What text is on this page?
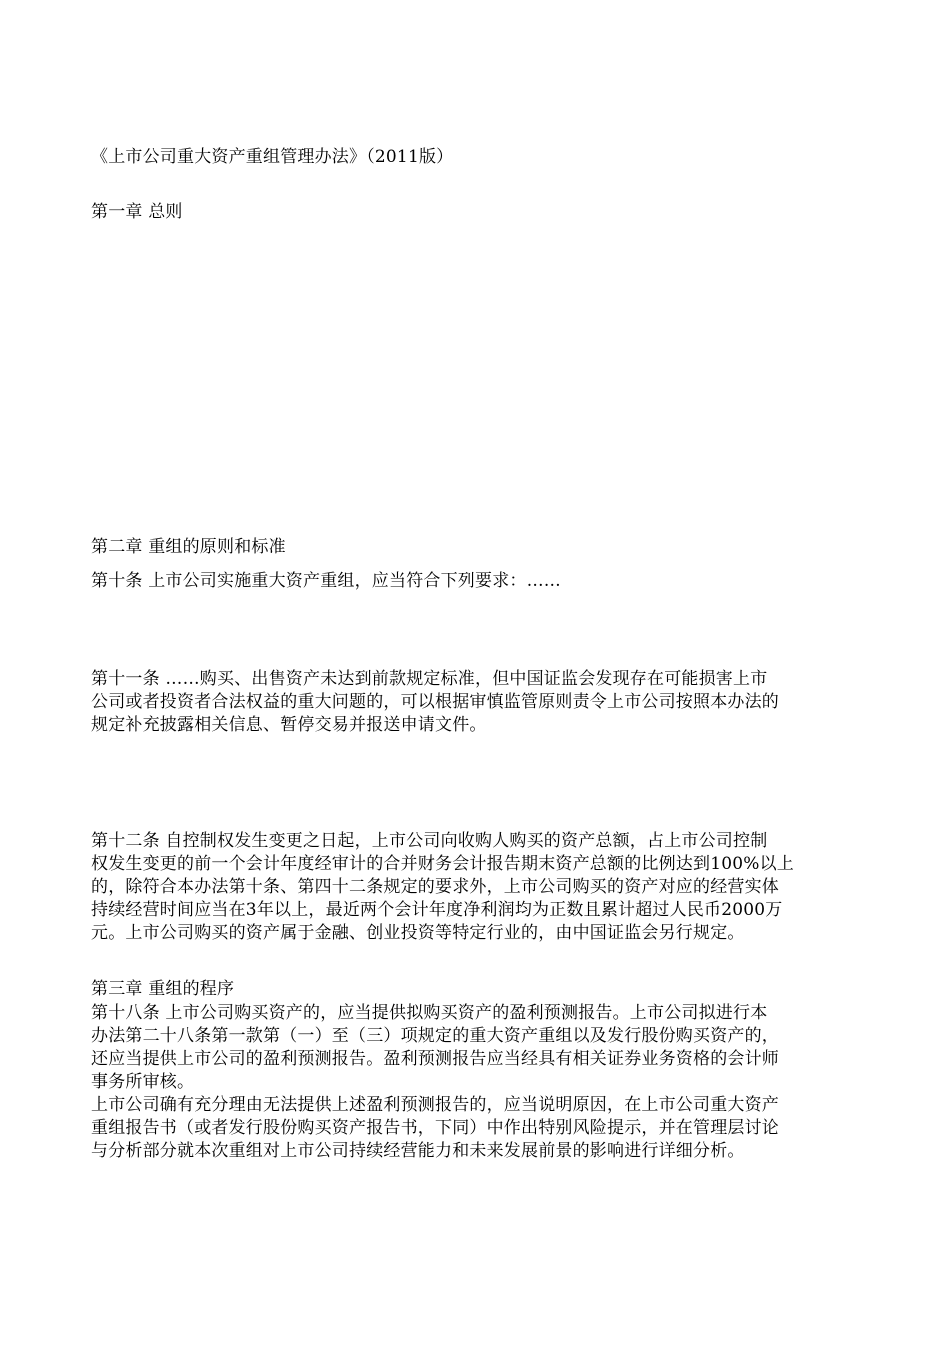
《上市公司重大资产重组管理办法》（2011版）
第一章 总则
第二章 重组的原则和标准
第十条 上市公司实施重大资产重组，应当符合下列要求：……
第十一条 ……购买、出售资产未达到前款规定标准，但中国证监会发现存在可能损害上市
公司或者投资者合法权益的重大问题的，可以根据审慎监管原则责令上市公司按照本办法的
规定补充披露相关信息、暂停交易并报送申请文件。
第十二条 自控制权发生变更之日起，上市公司向收购人购买的资产总额，占上市公司控制
权发生变更的前一个会计年度经审计的合并财务会计报告期末资产总额的比例达到100%以上
的，除符合本办法第十条、第四十二条规定的要求外，上市公司购买的资产对应的经营实体
持续经营时间应当在3年以上，最近两个会计年度净利润均为正数且累计超过人民币2000万
元。上市公司购买的资产属于金融、创业投资等特定行业的，由中国证监会另行规定。
第三章 重组的程序
第十八条 上市公司购买资产的，应当提供拟购买资产的盈利预测报告。上市公司拟进行本
办法第二十八条第一款第（一）至（三）项规定的重大资产重组以及发行股份购买资产的，
还应当提供上市公司的盈利预测报告。盈利预测报告应当经具有相关证券业务资格的会计师
事务所审核。
上市公司确有充分理由无法提供上述盈利预测报告的，应当说明原因，在上市公司重大资产
重组报告书（或者发行股份购买资产报告书，下同）中作出特别风险提示，并在管理层讨论
与分析部分就本次重组对上市公司持续经营能力和未来发展前景的影响进行详细分析。
